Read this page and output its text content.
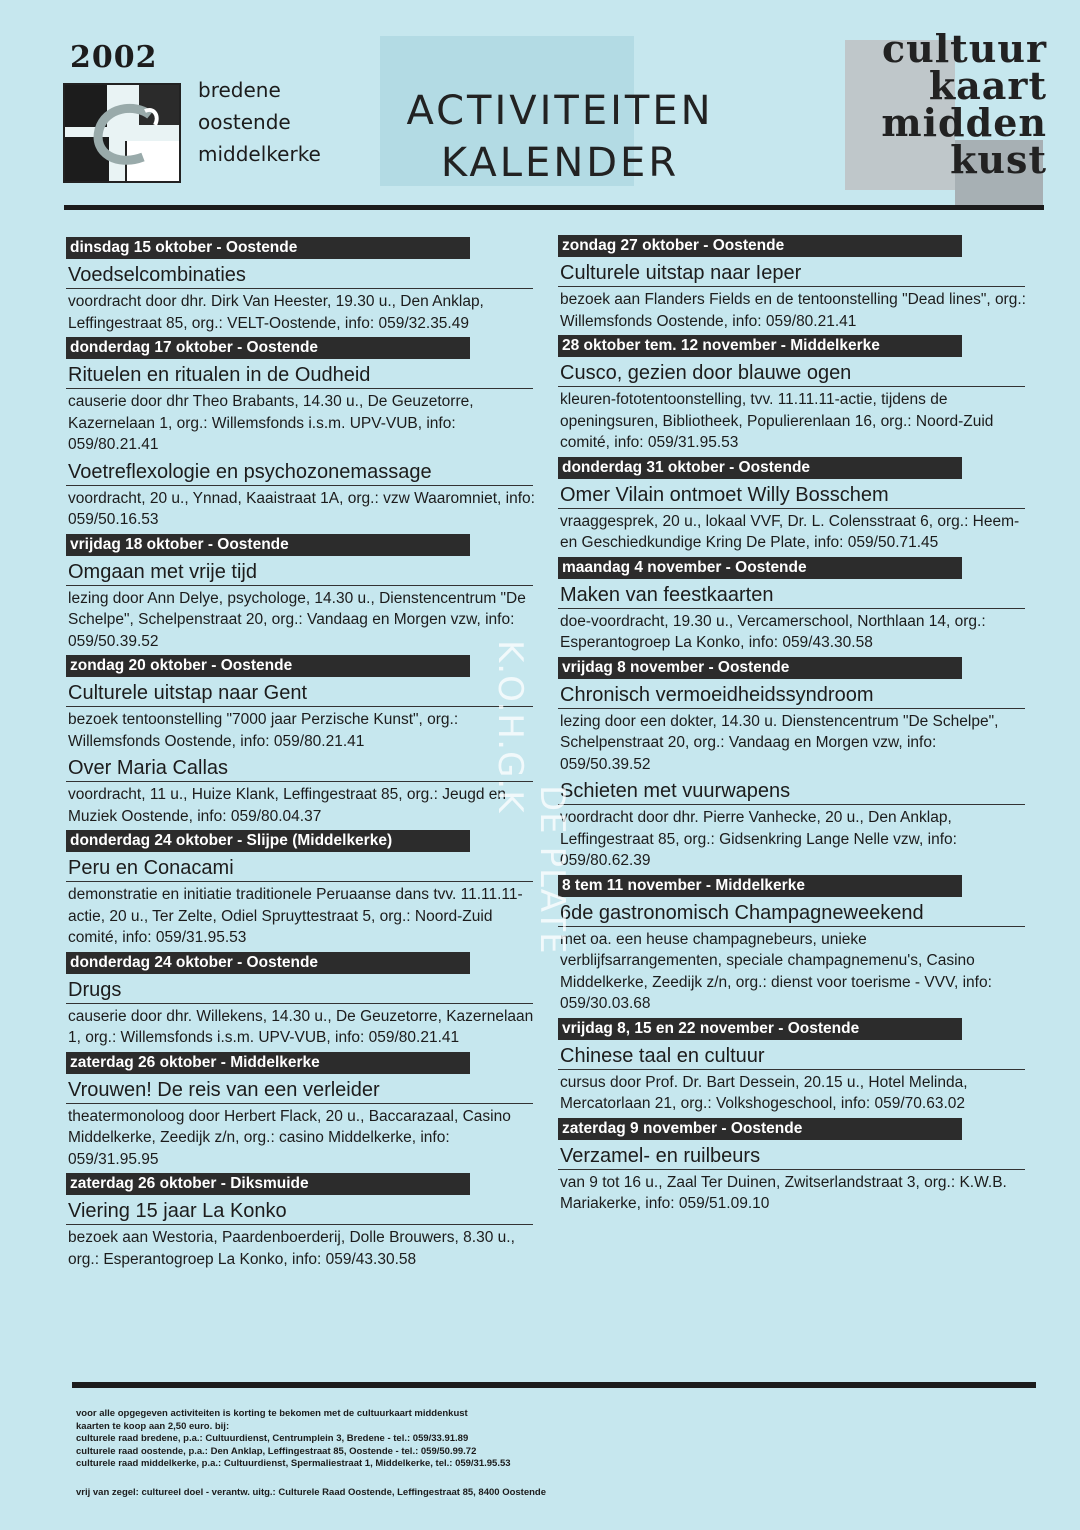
2002
bredene
oostende
middelkerke
ACTIVITEITEN
KALENDER
cultuur
kaart
midden
kust
dinsdag 15 oktober - Oostende
Voedselcombinaties
voordracht door dhr. Dirk Van Heester, 19.30 u., Den Anklap, Leffingestraat 85, org.: VELT-Oostende, info: 059/32.35.49
donderdag 17 oktober - Oostende
Rituelen en ritualen in de Oudheid
causerie door dhr Theo Brabants, 14.30 u., De Geuzetorre, Kazernelaan 1, org.: Willemsfonds i.s.m. UPV-VUB, info: 059/80.21.41
Voetreflexologie en psychozonemassage
voordracht, 20 u., Ynnad, Kaaistraat 1A, org.: vzw Waaromniet, info: 059/50.16.53
vrijdag 18 oktober - Oostende
Omgaan met vrije tijd
lezing door Ann Delye, psychologe, 14.30 u., Dienstencentrum "De Schelpe", Schelpenstraat 20, org.: Vandaag en Morgen vzw, info: 059/50.39.52
zondag 20 oktober - Oostende
Culturele uitstap naar Gent
bezoek tentoonstelling "7000 jaar Perzische Kunst", org.: Willemsfonds Oostende, info: 059/80.21.41
Over Maria Callas
voordracht, 11 u., Huize Klank, Leffingestraat 85, org.: Jeugd en Muziek Oostende, info: 059/80.04.37
donderdag 24 oktober - Slijpe (Middelkerke)
Peru en Conacami
demonstratie en initiatie traditionele Peruaanse dans tvv. 11.11.11-actie, 20 u., Ter Zelte, Odiel Spruyttestraat 5, org.: Noord-Zuid comité, info: 059/31.95.53
donderdag 24 oktober - Oostende
Drugs
causerie door dhr. Willekens, 14.30 u., De Geuzetorre, Kazernelaan 1, org.: Willemsfonds i.s.m. UPV-VUB, info: 059/80.21.41
zaterdag 26 oktober - Middelkerke
Vrouwen! De reis van een verleider
theatermonoloog door Herbert Flack, 20 u., Baccarazaal, Casino Middelkerke, Zeedijk z/n, org.: casino Middelkerke, info: 059/31.95.95
zaterdag 26 oktober - Diksmuide
Viering 15 jaar La Konko
bezoek aan Westoria, Paardenboerderij, Dolle Brouwers, 8.30 u., org.: Esperantogroep La Konko, info: 059/43.30.58
zondag 27 oktober - Oostende
Culturele uitstap naar Ieper
bezoek aan Flanders Fields en de tentoonstelling "Dead lines", org.: Willemsfonds Oostende, info: 059/80.21.41
28 oktober tem. 12 november - Middelkerke
Cusco, gezien door blauwe ogen
kleuren-fototentoonstelling, tvv. 11.11.11-actie, tijdens de openingsuren, Bibliotheek, Populierenlaan 16, org.: Noord-Zuid comité, info: 059/31.95.53
donderdag 31 oktober - Oostende
Omer Vilain ontmoet Willy Bosschem
vraaggesprek, 20 u., lokaal VVF, Dr. L. Colensstraat 6, org.: Heem- en Geschiedkundige Kring De Plate, info: 059/50.71.45
maandag 4 november - Oostende
Maken van feestkaarten
doe-voordracht, 19.30 u., Vercamerschool, Northlaan 14, org.: Esperantogroep La Konko, info: 059/43.30.58
vrijdag 8 november - Oostende
Chronisch vermoeidheidssyndroom
lezing door een dokter, 14.30 u. Dienstencentrum "De Schelpe", Schelpenstraat 20, org.: Vandaag en Morgen vzw, info: 059/50.39.52
Schieten met vuurwapens
voordracht door dhr. Pierre Vanhecke, 20 u., Den Anklap, Leffingestraat 85, org.: Gidsenkring Lange Nelle vzw, info: 059/80.62.39
8 tem 11 november - Middelkerke
6de gastronomisch Champagneweekend
met oa. een heuse champagnebeurs, unieke verblijfsarrangementen, speciale champagnemenu's, Casino Middelkerke, Zeedijk z/n, org.: dienst voor toerisme - VVV, info: 059/30.03.68
vrijdag 8, 15 en 22 november - Oostende
Chinese taal en cultuur
cursus door Prof. Dr. Bart Dessein, 20.15 u., Hotel Melinda, Mercatorlaan 21, org.: Volkshogeschool, info: 059/70.63.02
zaterdag 9 november - Oostende
Verzamel- en ruilbeurs
van 9 tot 16 u., Zaal Ter Duinen, Zwitserlandstraat 3, org.: K.W.B. Mariakerke, info: 059/51.09.10
K.O.H.G.K
DE PLATE
voor alle opgegeven activiteiten is korting te bekomen met de cultuurkaart middenkust
kaarten te koop aan 2,50 euro. bij:
culturele raad bredene, p.a.: Cultuurdienst, Centrumplein 3, Bredene - tel.: 059/33.91.89
culturele raad oostende, p.a.: Den Anklap, Leffingestraat 85, Oostende - tel.: 059/50.99.72
culturele raad middelkerke, p.a.: Cultuurdienst, Spermaliestraat 1, Middelkerke, tel.: 059/31.95.53
vrij van zegel: cultureel doel - verantw. uitg.: Culturele Raad Oostende, Leffingestraat 85, 8400 Oostende
